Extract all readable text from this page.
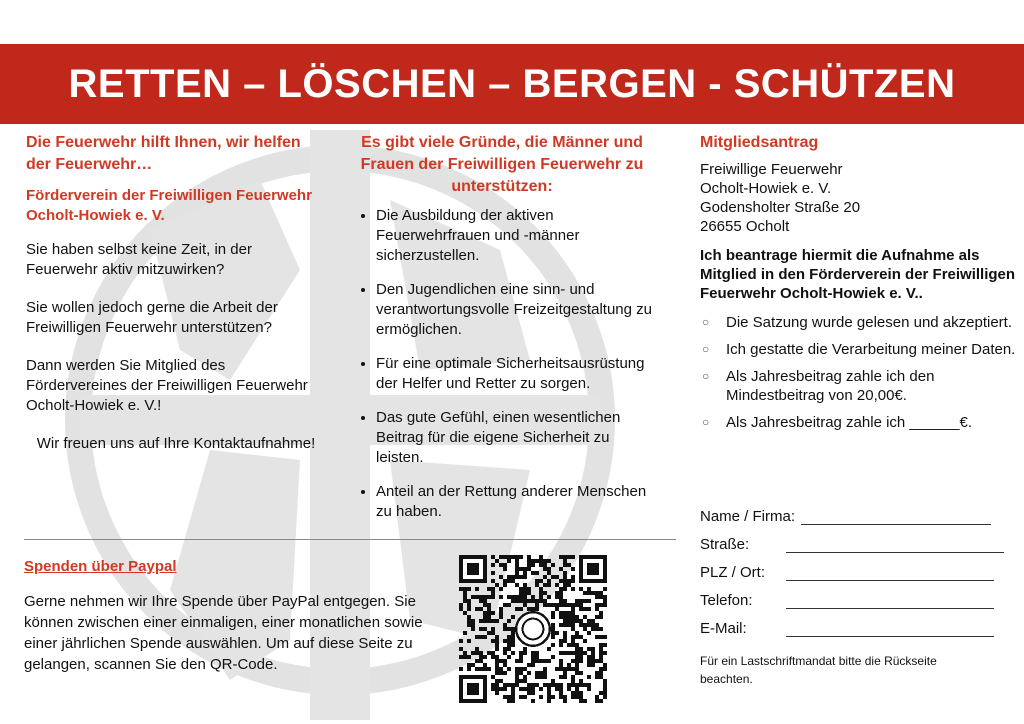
RETTEN – LÖSCHEN – BERGEN - SCHÜTZEN
Die Feuerwehr hilft Ihnen, wir helfen der Feuerwehr…
Förderverein der Freiwilligen Feuerwehr Ocholt-Howiek e. V.

Sie haben selbst keine Zeit, in der Feuerwehr aktiv mitzuwirken?

Sie wollen jedoch gerne die Arbeit der Freiwilligen Feuerwehr unterstützen?

Dann werden Sie Mitglied des Fördervereines der Freiwilligen Feuerwehr Ocholt-Howiek e. V.!

Wir freuen uns auf Ihre Kontaktaufnahme!

Es gibt viele Gründe, die Männer und Frauen der Freiwilligen Feuerwehr zu unterstützen:
• Die Ausbildung der aktiven Feuerwehrfrauen und -männer sicherzustellen.
• Den Jugendlichen eine sinn- und verantwortungsvolle Freizeitgestaltung zu ermöglichen.
• Für eine optimale Sicherheitsausrüstung der Helfer und Retter zu sorgen.
• Das gute Gefühl, einen wesentlichen Beitrag für die eigene Sicherheit zu leisten.
• Anteil an der Rettung anderer Menschen zu haben.
Mitgliedsantrag
Freiwillige Feuerwehr
Ocholt-Howiek e. V.
Godensholter Straße 20
26655 Ocholt
Ich beantrage hiermit die Aufnahme als Mitglied in den Förderverein der Freiwilligen Feuerwehr Ocholt-Howiek e. V..
○ Die Satzung wurde gelesen und akzeptiert.
○ Ich gestatte die Verarbeitung meiner Daten.
○ Als Jahresbeitrag zahle ich den Mindestbeitrag von 20,00€.
○ Als Jahresbeitrag zahle ich ______€.
Name / Firma:
Straße:
PLZ / Ort:
Telefon:
E-Mail:
Für ein Lastschriftmandat bitte die Rückseite beachten.
Spenden über Paypal

Gerne nehmen wir Ihre Spende über PayPal entgegen. Sie können zwischen einer einmaligen, einer monatlichen sowie einer jährlichen Spende auswählen. Um auf diese Seite zu gelangen, scannen Sie den QR-Code.
